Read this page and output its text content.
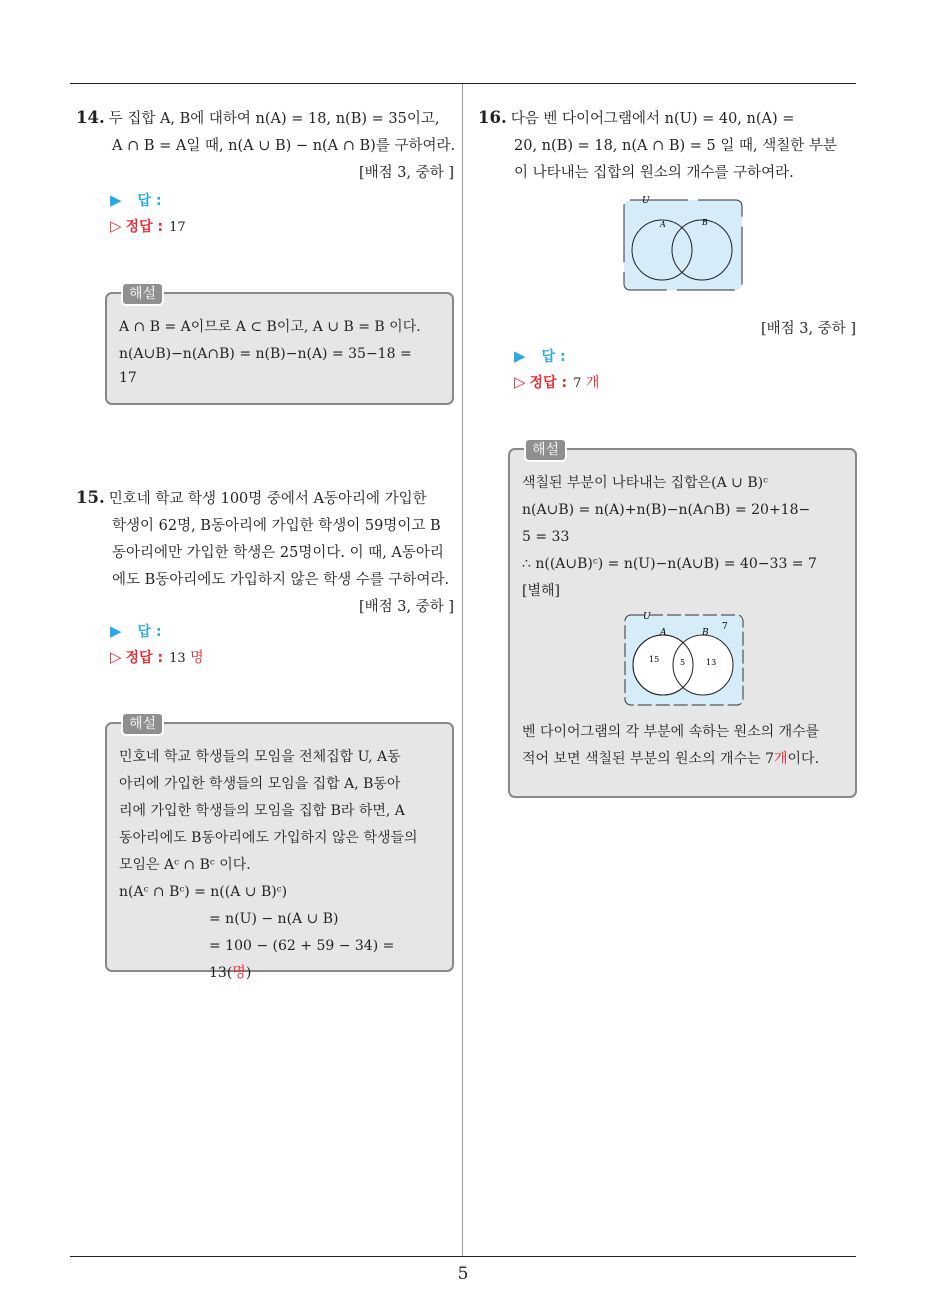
14. 두 집합 A, B에 대하여 n(A) = 18, n(B) = 35이고,
A ∩ B = A일 때, n(A ∪ B) − n(A ∩ B)를 구하여라.
[배점 3, 중하 ]
▶ 답 :
▷ 정답 : 17
해설
A ∩ B = A이므로 A ⊂ B이고, A ∪ B = B 이다.
n(A∪B)−n(A∩B) = n(B)−n(A) = 35−18 =
17
15. 민호네 학교 학생 100명 중에서 A동아리에 가입한
학생이 62명, B동아리에 가입한 학생이 59명이고 B
동아리에만 가입한 학생은 25명이다. 이 때, A동아리
에도 B동아리에도 가입하지 않은 학생 수를 구하여라.
[배점 3, 중하 ]
▶ 답 :
▷ 정답 : 13 명
해설
민호네 학교 학생들의 모임을 전체집합 U, A동
아리에 가입한 학생들의 모임을 집합 A, B동아
리에 가입한 학생들의 모임을 집합 B라 하면, A
동아리에도 B동아리에도 가입하지 않은 학생들의
모임은 Aᶜ ∩ Bᶜ 이다.
n(Aᶜ ∩ Bᶜ) = n((A ∪ B)ᶜ)
= n(U) − n(A ∪ B)
= 100 − (62 + 59 − 34) = 13(명)
16. 다음 벤 다이어그램에서 n(U) = 40, n(A) =
20, n(B) = 18, n(A ∩ B) = 5 일 때, 색칠한 부분
이 나타내는 집합의 원소의 개수를 구하여라.
U
A	B
[배점 3, 중하 ]
▶ 답 :
▷ 정답 : 7 개
해설
색칠된 부분이 나타내는 집합은(A ∪ B)ᶜ
n(A∪B) = n(A)+n(B)−n(A∩B) = 20+18−
5 = 33
∴ n((A∪B)ᶜ) = n(U)−n(A∪B) = 40−33 = 7
[별해]
U
A	B
7
15	5	13
벤 다이어그램의 각 부분에 속하는 원소의 개수를
적어 보면 색칠된 부분의 원소의 개수는 7개이다.
5
